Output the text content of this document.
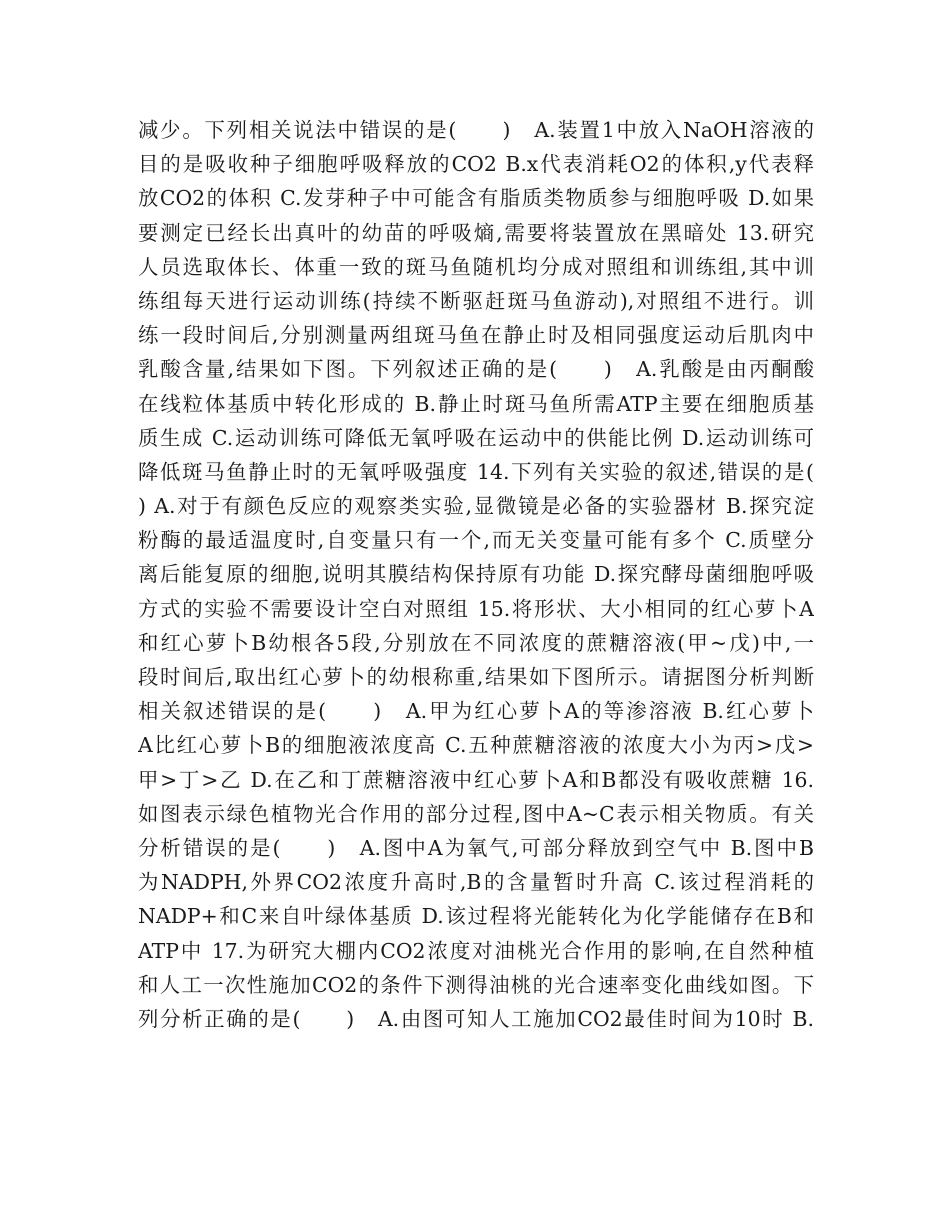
减少。下列相关说法中错误的是(　　)　A.装置1中放入NaOH溶液的
目的是吸收种子细胞呼吸释放的CO2 B.x代表消耗O2的体积,y代表释
放CO2的体积 C.发芽种子中可能含有脂质类物质参与细胞呼吸 D.如果
要测定已经长出真叶的幼苗的呼吸熵,需要将装置放在黑暗处 13.研究
人员选取体长、体重一致的斑马鱼随机均分成对照组和训练组,其中训
练组每天进行运动训练(持续不断驱赶斑马鱼游动),对照组不进行。训
练一段时间后,分别测量两组斑马鱼在静止时及相同强度运动后肌肉中
乳酸含量,结果如下图。下列叙述正确的是(　　)　A.乳酸是由丙酮酸
在线粒体基质中转化形成的 B.静止时斑马鱼所需ATP主要在细胞质基
质生成 C.运动训练可降低无氧呼吸在运动中的供能比例 D.运动训练可
降低斑马鱼静止时的无氧呼吸强度 14.下列有关实验的叙述,错误的是(
) A.对于有颜色反应的观察类实验,显微镜是必备的实验器材 B.探究淀
粉酶的最适温度时,自变量只有一个,而无关变量可能有多个 C.质壁分
离后能复原的细胞,说明其膜结构保持原有功能 D.探究酵母菌细胞呼吸
方式的实验不需要设计空白对照组 15.将形状、大小相同的红心萝卜A
和红心萝卜B幼根各5段,分别放在不同浓度的蔗糖溶液(甲~戊)中,一
段时间后,取出红心萝卜的幼根称重,结果如下图所示。请据图分析判断
相关叙述错误的是(　　)　A.甲为红心萝卜A的等渗溶液 B.红心萝卜
A比红心萝卜B的细胞液浓度高 C.五种蔗糖溶液的浓度大小为丙>戊>
甲>丁>乙 D.在乙和丁蔗糖溶液中红心萝卜A和B都没有吸收蔗糖 16.
如图表示绿色植物光合作用的部分过程,图中A~C表示相关物质。有关
分析错误的是(　　)　A.图中A为氧气,可部分释放到空气中 B.图中B
为NADPH,外界CO2浓度升高时,B的含量暂时升高 C.该过程消耗的
NADP+和C来自叶绿体基质 D.该过程将光能转化为化学能储存在B和
ATP中 17.为研究大棚内CO2浓度对油桃光合作用的影响,在自然种植
和人工一次性施加CO2的条件下测得油桃的光合速率变化曲线如图。下
列分析正确的是(　　)　A.由图可知人工施加CO2最佳时间为10时 B.
